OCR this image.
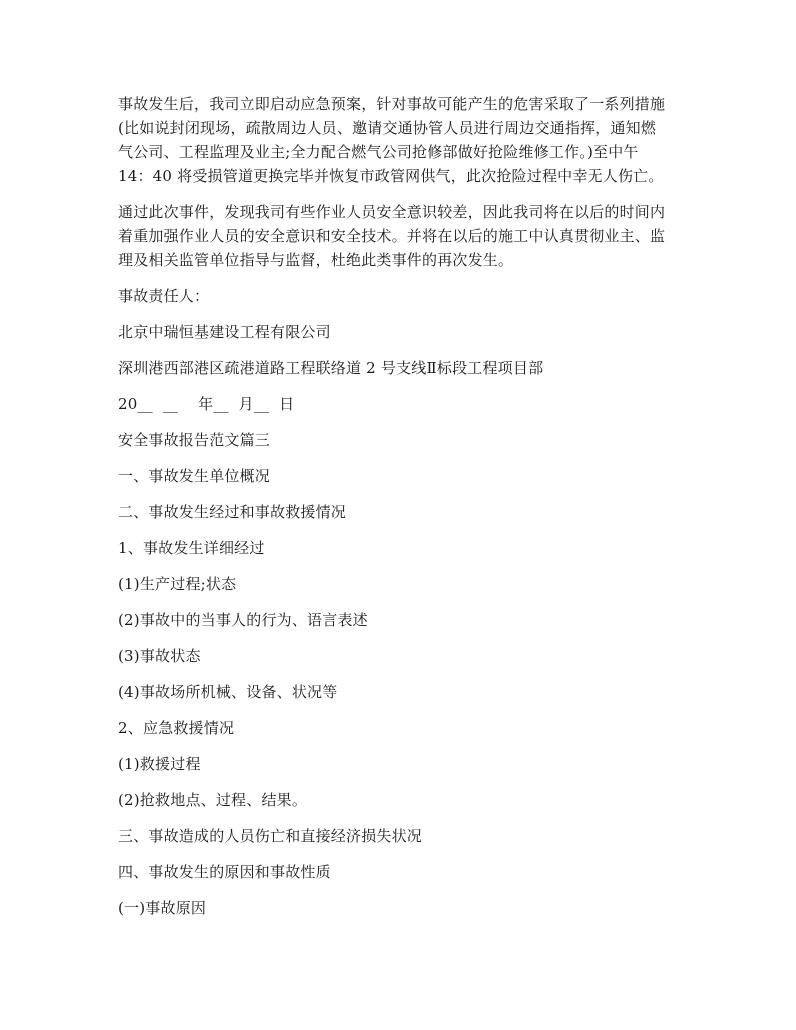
事故发生后，我司立即启动应急预案，针对事故可能产生的危害采取了一系列措施
(比如说封闭现场，疏散周边人员、邀请交通协管人员进行周边交通指挥，通知燃
气公司、工程监理及业主;全力配合燃气公司抢修部做好抢险维修工作。)至中午
14：40 将受损管道更换完毕并恢复市政管网供气，此次抢险过程中幸无人伤亡。

通过此次事件，发现我司有些作业人员安全意识较差，因此我司将在以后的时间内
着重加强作业人员的安全意识和安全技术。并将在以后的施工中认真贯彻业主、监
理及相关监管单位指导与监督，杜绝此类事件的再次发生。

事故责任人：

北京中瑞恒基建设工程有限公司

深圳港西部港区疏港道路工程联络道 2 号支线Ⅱ标段工程项目部

20__  __    年__  月__  日

安全事故报告范文篇三

一、事故发生单位概况

二、事故发生经过和事故救援情况

1、事故发生详细经过

(1)生产过程;状态

(2)事故中的当事人的行为、语言表述

(3)事故状态

(4)事故场所机械、设备、状况等

2、应急救援情况

(1)救援过程

(2)抢救地点、过程、结果。

三、事故造成的人员伤亡和直接经济损失状况

四、事故发生的原因和事故性质

(一)事故原因
